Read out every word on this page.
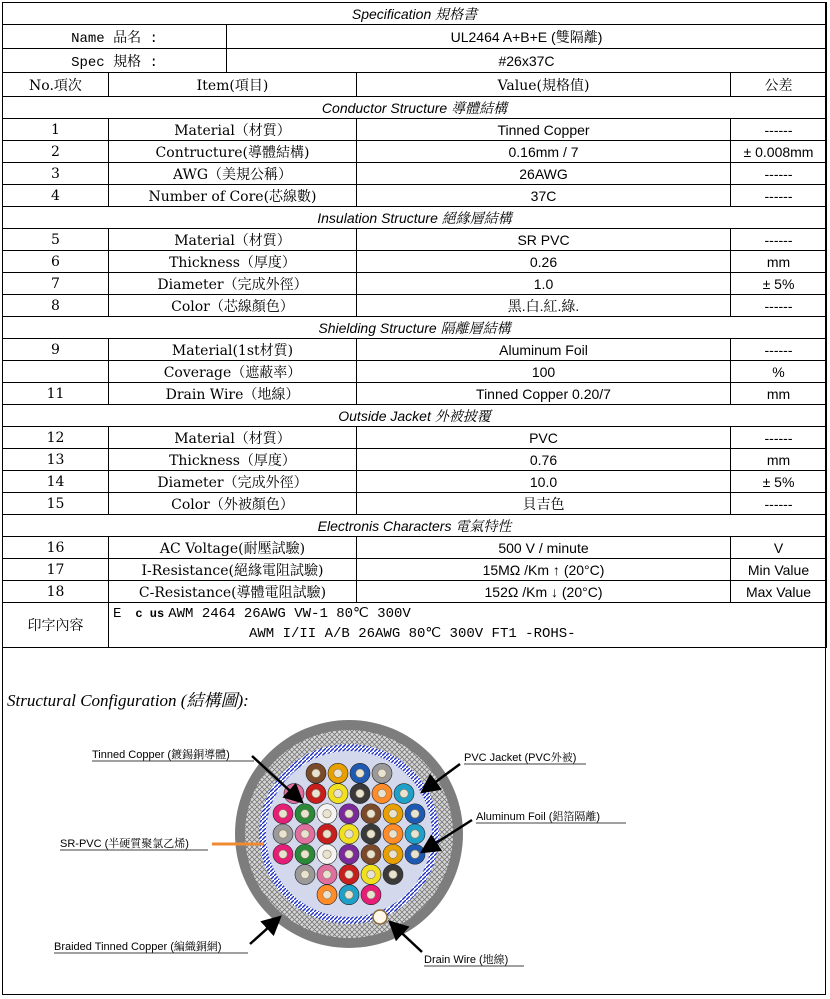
Specification 規格書				
Name 品名 :		UL2464 A+B+E (雙隔離)		
Spec 規格 :		#26x37C		
No.項次	Item(項目)		Value(規格值)	公差
Conductor Structure 導體結構				
1	Material（材質）		Tinned Copper	------
2	Contructure(導體結構)		0.16mm / 7	± 0.008mm
3	AWG（美規公稱）		26AWG	------
4	Number of Core(芯線數)		37C	------
Insulation Structure 絕緣層結構				
5	Material（材質）		SR PVC	------
6	Thickness（厚度）		0.26	mm
7	Diameter（完成外徑）		1.0	± 5%
8	Color（芯線顏色）		黑.白.紅.綠.	------
Shielding Structure 隔離層結構				
9	Material(1st材質)		Aluminum Foil	------
	Coverage（遮蔽率）		100	%
11	Drain Wire（地線）		Tinned Copper 0.20/7	mm
Outside Jacket 外被披覆				
12	Material（材質）		PVC	------
13	Thickness（厚度）		0.76	mm
14	Diameter（完成外徑）		10.0	± 5%
15	Color（外被顏色）		貝吉色	------
Electronis Characters 電氣特性				
16	AC Voltage(耐壓試驗)		500 V / minute	V
17	I-Resistance(絕緣電阻試驗)		15MΩ /Km ↑ (20°C)	Min Value
18	C-Resistance(導體電阻試驗)		152Ω /Km ↓ (20°C)	Max Value
印字內容	E c us AWM 2464 26AWG VW-1 80℃ 300V
AWM I/II A/B 26AWG 80℃ 300V FT1 -ROHS-			
Structural Configuration (結構圖):
Tinned Copper (鍍錫銅導體)	PVC Jacket (PVC外被)
Aluminum Foil (鋁箔隔離)
SR-PVC (半硬質聚氯乙烯)
Braided Tinned Copper (編織銅網)
Drain Wire (地線)
